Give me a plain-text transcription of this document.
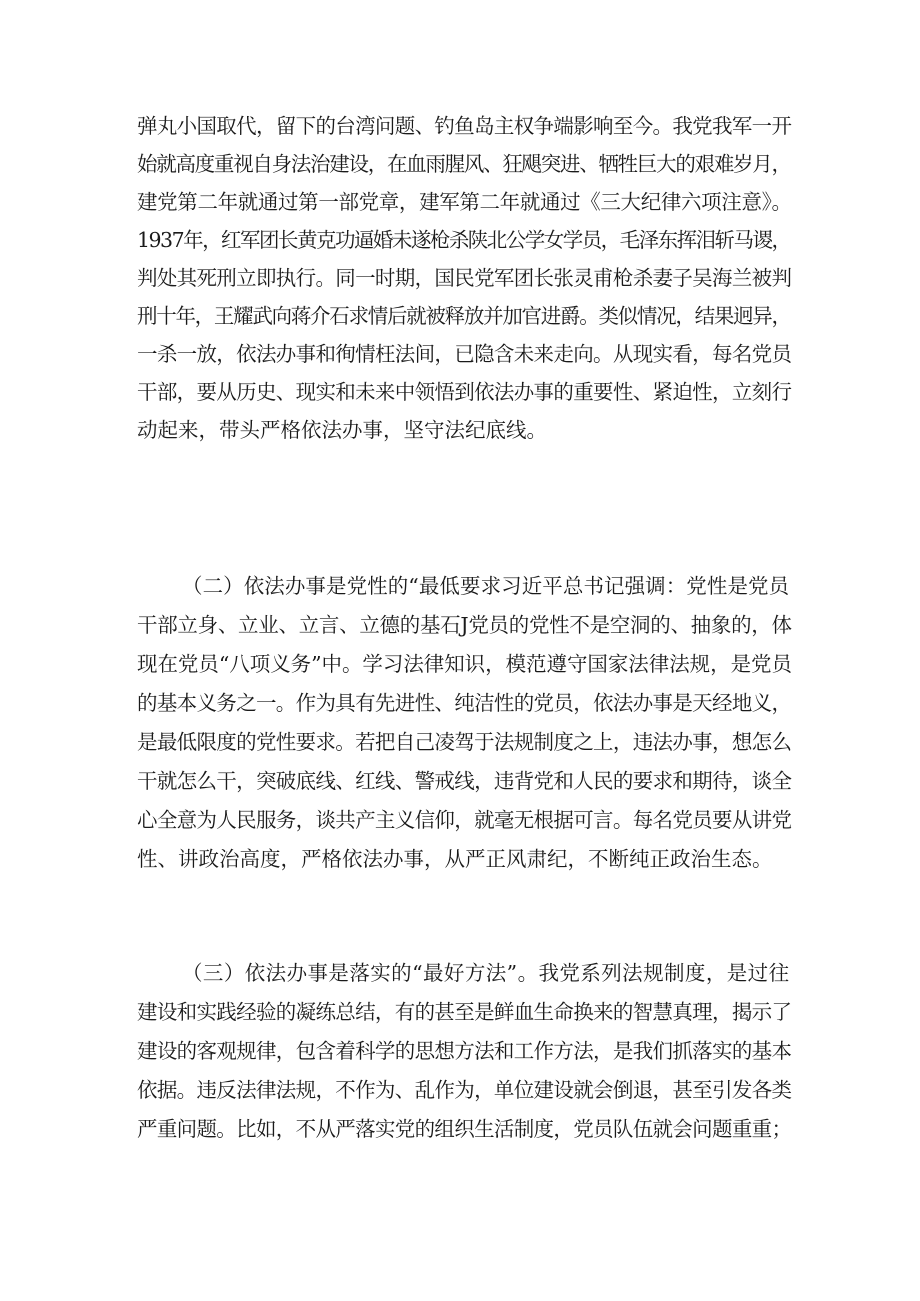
弹丸小国取代，留下的台湾问题、钓鱼岛主权争端影响至今。我党我军一开
始就高度重视自身法治建设，在血雨腥风、狂飓突进、牺牲巨大的艰难岁月，
建党第二年就通过第一部党章，建军第二年就通过《三大纪律六项注意》。
1937年，红军团长黄克功逼婚未遂枪杀陕北公学女学员，毛泽东挥泪斩马谡，
判处其死刑立即执行。同一时期，国民党军团长张灵甫枪杀妻子吴海兰被判
刑十年，王耀武向蒋介石求情后就被释放并加官进爵。类似情况，结果迥异，
一杀一放，依法办事和徇情枉法间，已隐含未来走向。从现实看，每名党员
干部，要从历史、现实和未来中领悟到依法办事的重要性、紧迫性，立刻行
动起来，带头严格依法办事，坚守法纪底线。
（二）依法办事是党性的“最低要求习近平总书记强调：党性是党员
干部立身、立业、立言、立德的基石J党员的党性不是空洞的、抽象的，体
现在党员“八项义务”中。学习法律知识，模范遵守国家法律法规，是党员
的基本义务之一。作为具有先进性、纯洁性的党员，依法办事是天经地义，
是最低限度的党性要求。若把自己凌驾于法规制度之上，违法办事，想怎么
干就怎么干，突破底线、红线、警戒线，违背党和人民的要求和期待，谈全
心全意为人民服务，谈共产主义信仰，就毫无根据可言。每名党员要从讲党
性、讲政治高度，严格依法办事，从严正风肃纪，不断纯正政治生态。
（三）依法办事是落实的“最好方法”。我党系列法规制度，是过往
建设和实践经验的凝练总结，有的甚至是鲜血生命换来的智慧真理，揭示了
建设的客观规律，包含着科学的思想方法和工作方法，是我们抓落实的基本
依据。违反法律法规，不作为、乱作为，单位建设就会倒退，甚至引发各类
严重问题。比如，不从严落实党的组织生活制度，党员队伍就会问题重重；
